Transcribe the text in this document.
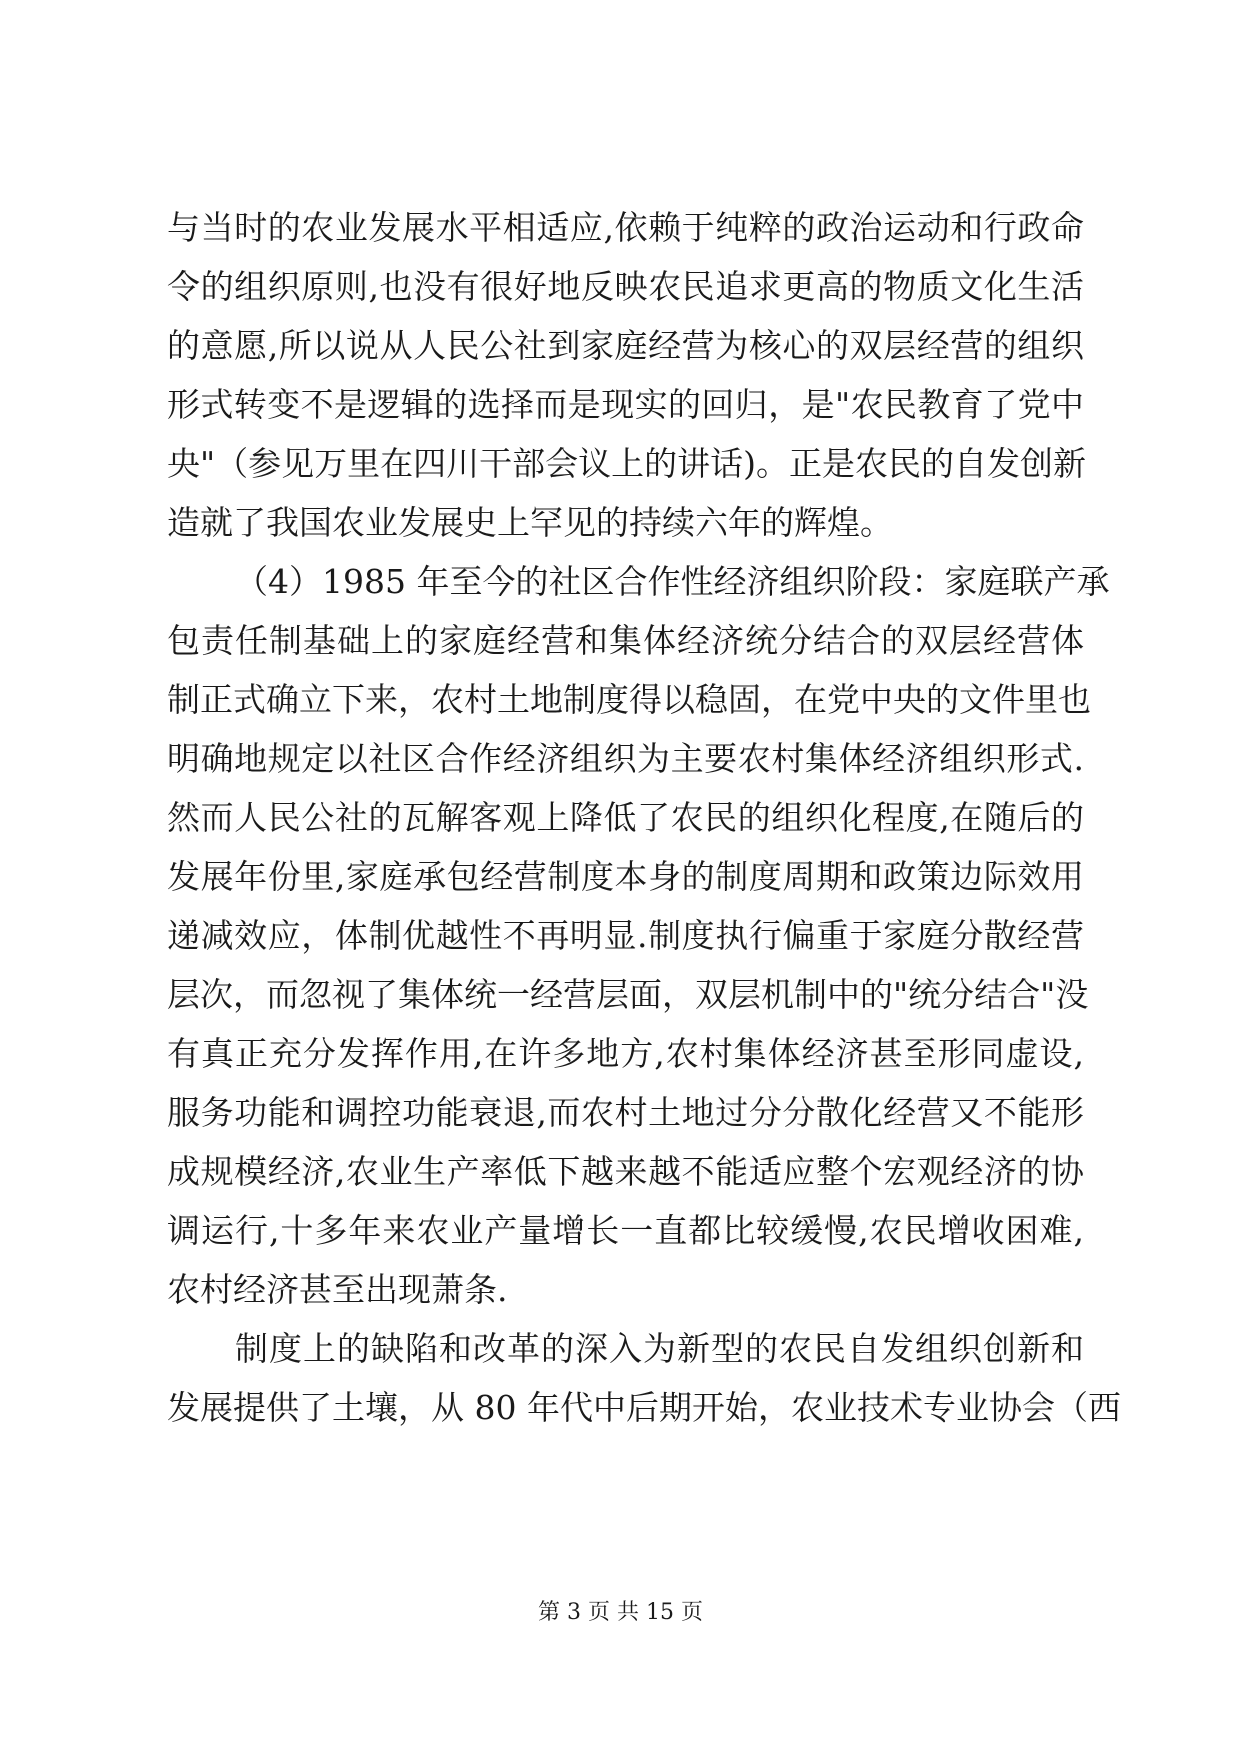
与当时的农业发展水平相适应,依赖于纯粹的政治运动和行政命
令的组织原则,也没有很好地反映农民追求更高的物质文化生活
的意愿,所以说从人民公社到家庭经营为核心的双层经营的组织
形式转变不是逻辑的选择而是现实的回归，是"农民教育了党中
央"（参见万里在四川干部会议上的讲话)。正是农民的自发创新
造就了我国农业发展史上罕见的持续六年的辉煌。
（4）1985 年至今的社区合作性经济组织阶段：家庭联产承
包责任制基础上的家庭经营和集体经济统分结合的双层经营体
制正式确立下来，农村土地制度得以稳固，在党中央的文件里也
明确地规定以社区合作经济组织为主要农村集体经济组织形式.
然而人民公社的瓦解客观上降低了农民的组织化程度,在随后的
发展年份里,家庭承包经营制度本身的制度周期和政策边际效用
递减效应，体制优越性不再明显.制度执行偏重于家庭分散经营
层次，而忽视了集体统一经营层面，双层机制中的"统分结合"没
有真正充分发挥作用,在许多地方,农村集体经济甚至形同虚设,
服务功能和调控功能衰退,而农村土地过分分散化经营又不能形
成规模经济,农业生产率低下越来越不能适应整个宏观经济的协
调运行,十多年来农业产量增长一直都比较缓慢,农民增收困难,
农村经济甚至出现萧条.
制度上的缺陷和改革的深入为新型的农民自发组织创新和
发展提供了土壤，从 80 年代中后期开始，农业技术专业协会（西
第 3 页 共 15 页
